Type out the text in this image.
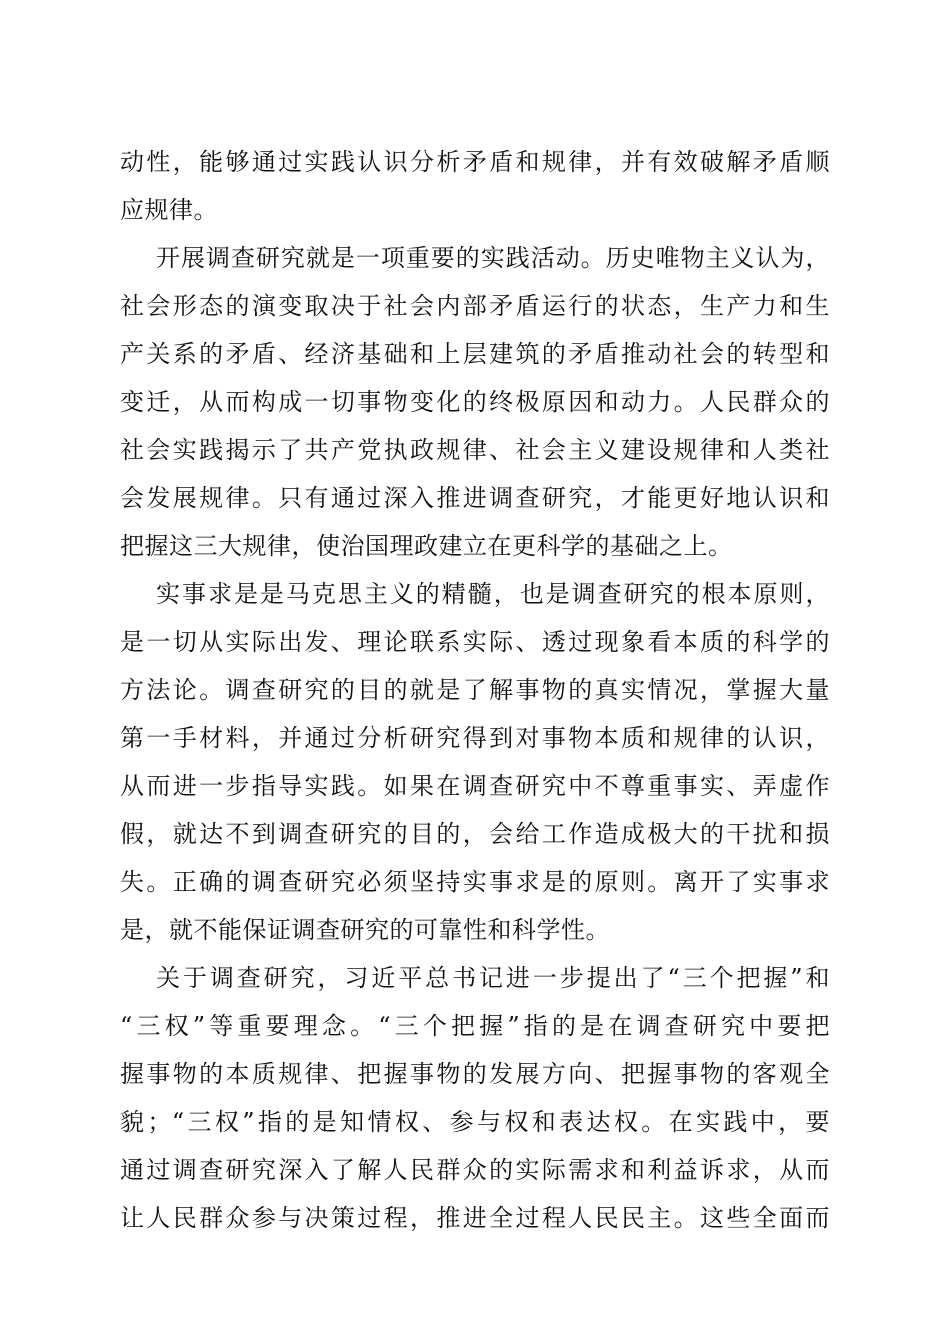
动性，能够通过实践认识分析矛盾和规律，并有效破解矛盾顺
应规律。
开展调查研究就是一项重要的实践活动。历史唯物主义认为，
社会形态的演变取决于社会内部矛盾运行的状态，生产力和生
产关系的矛盾、经济基础和上层建筑的矛盾推动社会的转型和
变迁，从而构成一切事物变化的终极原因和动力。人民群众的
社会实践揭示了共产党执政规律、社会主义建设规律和人类社
会发展规律。只有通过深入推进调查研究，才能更好地认识和
把握这三大规律，使治国理政建立在更科学的基础之上。
实事求是是马克思主义的精髓，也是调查研究的根本原则，
是一切从实际出发、理论联系实际、透过现象看本质的科学的
方法论。调查研究的目的就是了解事物的真实情况，掌握大量
第一手材料，并通过分析研究得到对事物本质和规律的认识，
从而进一步指导实践。如果在调查研究中不尊重事实、弄虚作
假，就达不到调查研究的目的，会给工作造成极大的干扰和损
失。正确的调查研究必须坚持实事求是的原则。离开了实事求
是，就不能保证调查研究的可靠性和科学性。
关于调查研究，习近平总书记进一步提出了“三个把握”和
“三权”等重要理念。“三个把握”指的是在调查研究中要把
握事物的本质规律、把握事物的发展方向、把握事物的客观全
貌；“三权”指的是知情权、参与权和表达权。在实践中，要
通过调查研究深入了解人民群众的实际需求和利益诉求，从而
让人民群众参与决策过程，推进全过程人民民主。这些全面而
